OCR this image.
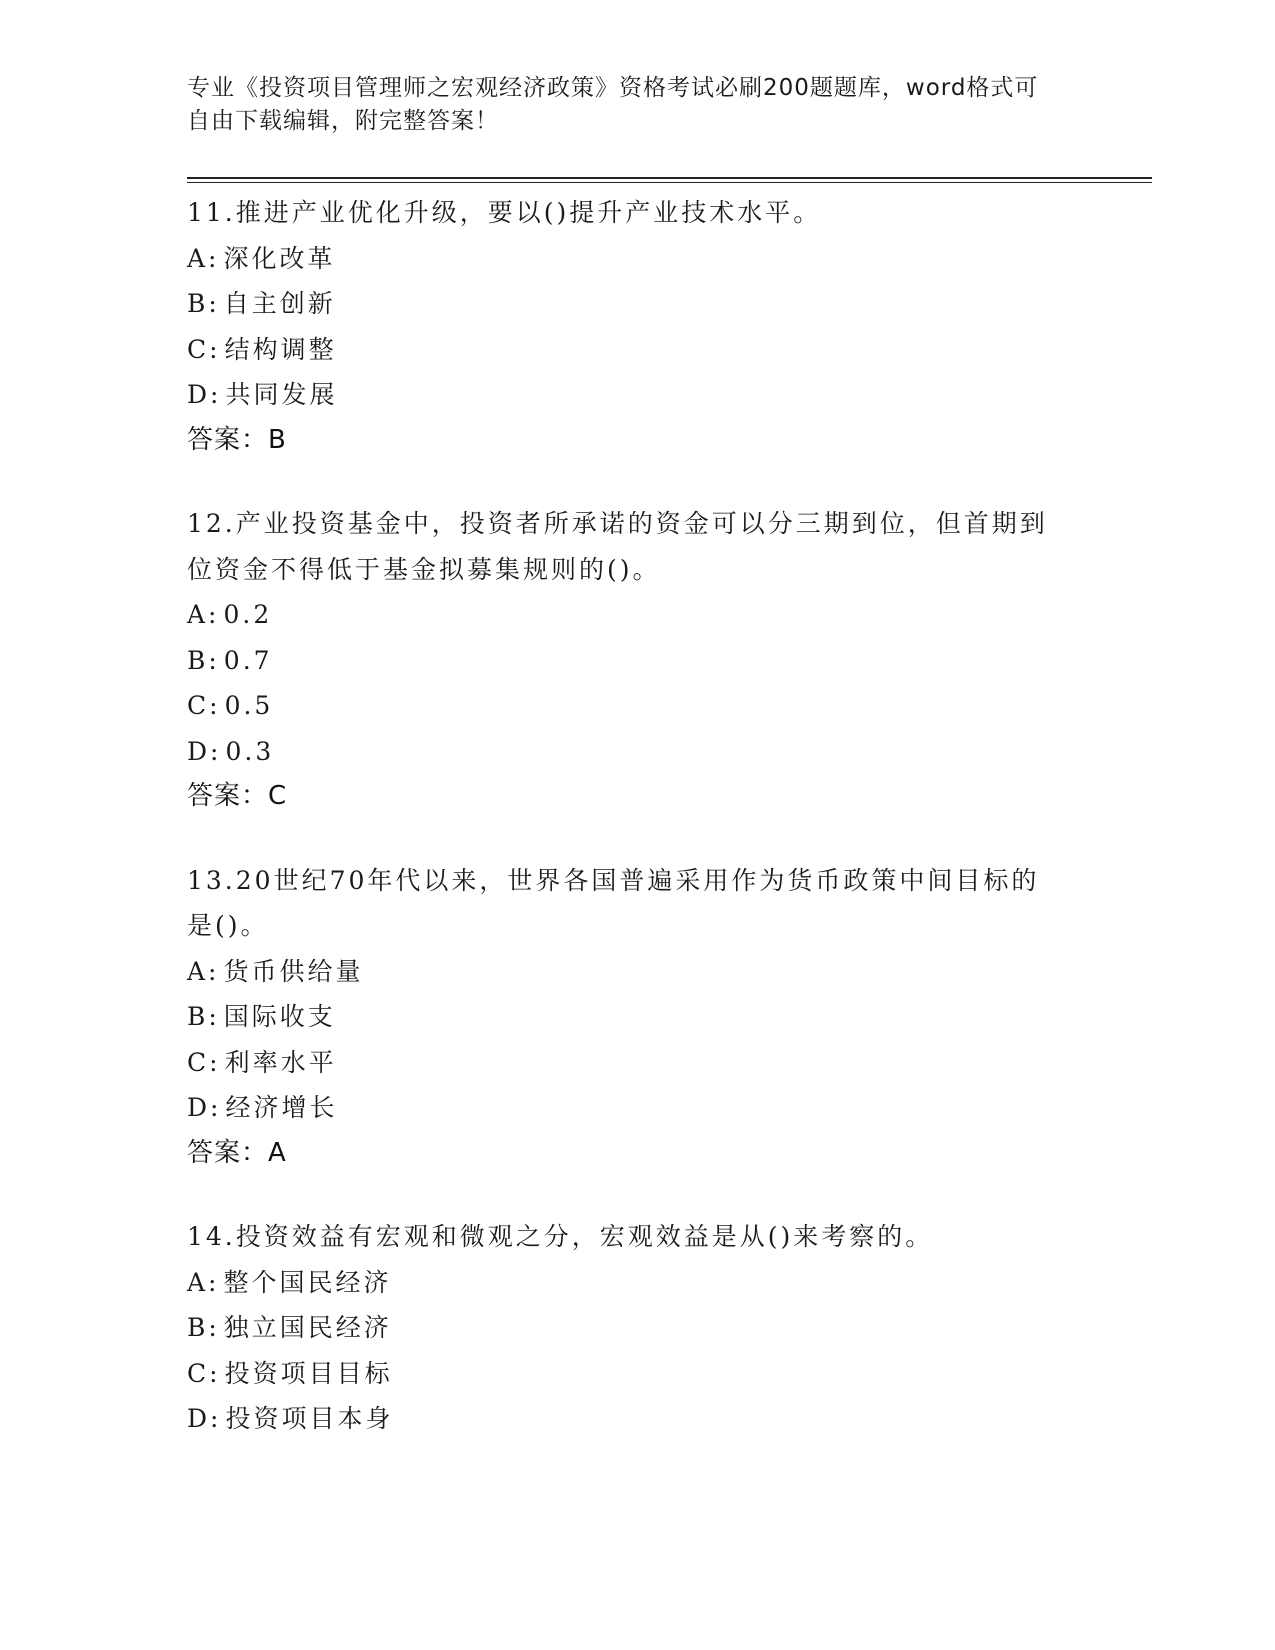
专业《投资项目管理师之宏观经济政策》资格考试必刷200题题库，word格式可
自由下载编辑，附完整答案！
11.推进产业优化升级，要以()提升产业技术水平。
A: 深化改革
B: 自主创新
C: 结构调整
D: 共同发展
答案：B
12.产业投资基金中，投资者所承诺的资金可以分三期到位，但首期到
位资金不得低于基金拟募集规则的()。
A: 0.2
B: 0.7
C: 0.5
D: 0.3
答案：C
13.20世纪70年代以来，世界各国普遍采用作为货币政策中间目标的
是()。
A: 货币供给量
B: 国际收支
C: 利率水平
D: 经济增长
答案：A
14.投资效益有宏观和微观之分，宏观效益是从()来考察的。
A: 整个国民经济
B: 独立国民经济
C: 投资项目目标
D: 投资项目本身
